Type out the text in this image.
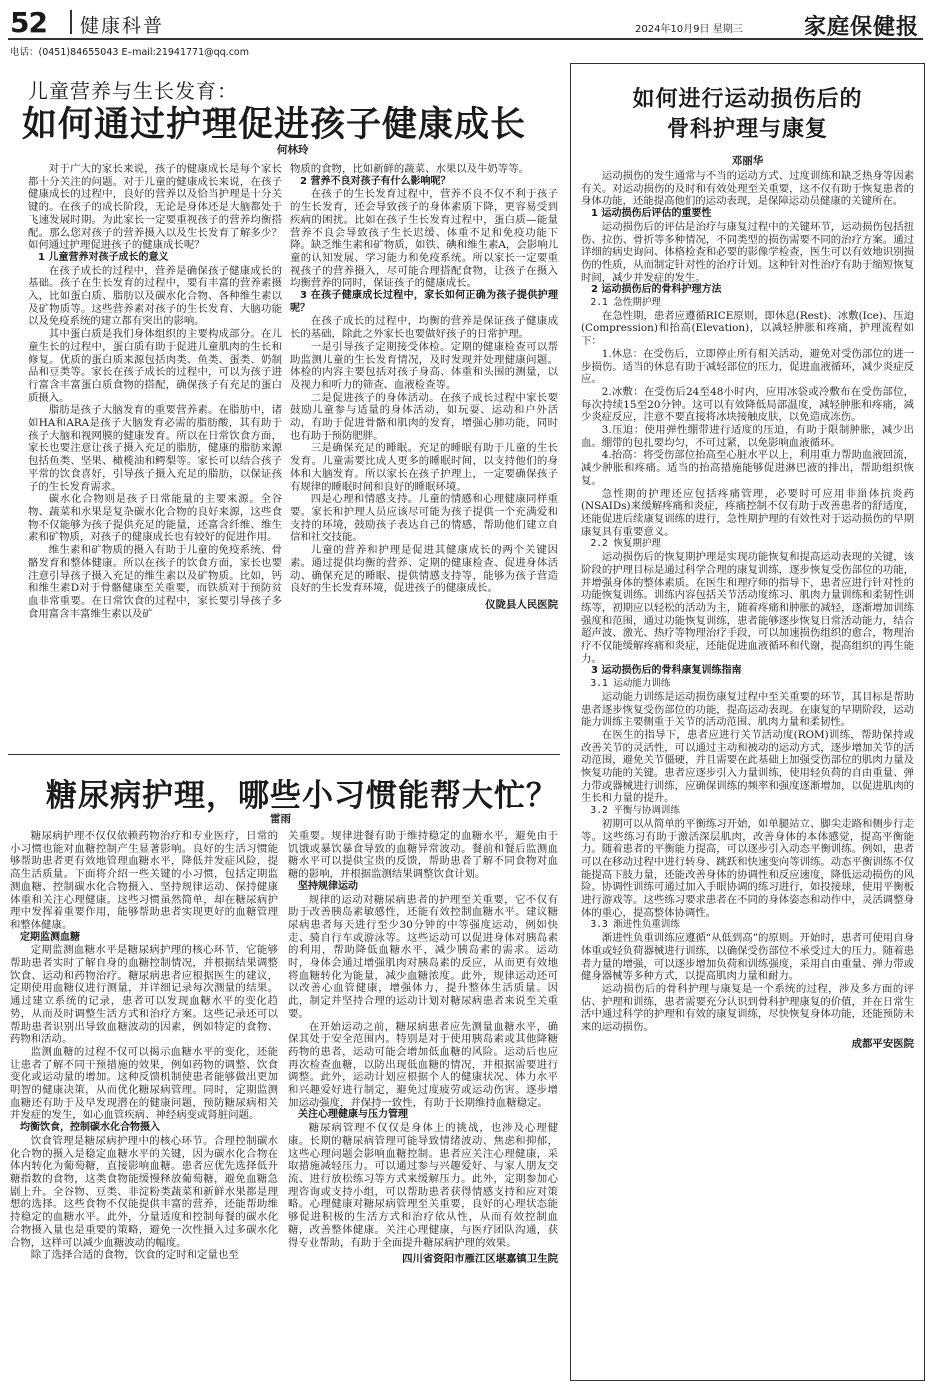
52 健康科普	2024年10月9日 星期三	家庭保健报
电话：(0451)84655043 E–mail:21941771@qq.com
儿童营养与生长发育：
如何通过护理促进孩子健康成长
何林玲

对于广大的家长来说，孩子的健康成长是每个家长都十分关注的问题。对于儿童的健康成长来说，在孩子健康成长的过程中，良好的营养以及恰当护理是十分关键的。在孩子的成长阶段，无论是身体还是大脑都处于飞速发展时期。为此家长一定要重视孩子的营养均衡搭配。那么您对孩子的营养摄入以及生长发育了解多少？如何通过护理促进孩子的健康成长呢？

1 儿童营养对孩子成长的意义

在孩子成长的过程中，营养是确保孩子健康成长的基础。孩子在生长发育的过程中，要有丰富的营养素摄入，比如蛋白质、脂肪以及碳水化合物、各种维生素以及矿物质等。这些营养素对孩子的生长发育、大脑功能以及免疫系统的建立都有突出的影响。

其中蛋白质是我们身体组织的主要构成部分。在儿童生长的过程中，蛋白质有助于促进儿童肌肉的生长和修复。优质的蛋白质来源包括肉类、鱼类、蛋类、奶制品和豆类等。家长在孩子成长的过程中，可以为孩子进行富含丰富蛋白质食物的搭配，确保孩子有充足的蛋白质摄入。

脂肪是孩子大脑发育的重要营养素。在脂肪中，诸如HA和ARA是孩子大脑发育必需的脂肪酸，其有助于孩子大脑和视网膜的健康发育。所以在日常饮食方面，家长也要注意让孩子摄入充足的脂肪，健康的脂肪来源包括鱼类、坚果、橄榄油和鳄梨等。家长可以结合孩子平常的饮食喜好，引导孩子摄入充足的脂肪，以保证孩子的生长发育需求。

碳水化合物则是孩子日常能量的主要来源。全谷物、蔬菜和水果是复杂碳水化合物的良好来源，这些食物不仅能够为孩子提供充足的能量，还富含纤维、维生素和矿物质，对孩子的健康成长也有较好的促进作用。

维生素和矿物质的摄入有助于儿童的免疫系统、骨骼发育和整体健康。所以在孩子的饮食方面，家长也要注意引导孩子摄入充足的维生素以及矿物质。比如，钙和维生素D对于骨骼健康至关重要，而铁质对于预防贫血非常重要。在日常饮食的过程中，家长要引导孩子多食用富含丰富维生素以及矿

物质的食物，比如新鲜的蔬菜、水果以及牛奶等等。

2 营养不良对孩子有什么影响呢？

在孩子的生长发育过程中，营养不良不仅不利于孩子的生长发育，还会导致孩子的身体素质下降，更容易受到疾病的困扰。比如在孩子生长发育过程中，蛋白质—能量营养不良会导致孩子生长迟缓、体重不足和免疫功能下降。缺乏维生素和矿物质，如铁、碘和维生素A，会影响儿童的认知发展、学习能力和免疫系统。所以家长一定要重视孩子的营养摄入，尽可能合理搭配食物，让孩子在摄入均衡营养的同时，保证孩子的健康成长。

3 在孩子健康成长过程中，家长如何正确为孩子提供护理呢？

在孩子成长的过程中，均衡的营养是保证孩子健康成长的基础，除此之外家长也要做好孩子的日常护理。

一是引导孩子定期接受体检。定期的健康检查可以帮助监测儿童的生长发育情况，及时发现并处理健康问题。体检的内容主要包括对孩子身高、体重和头围的测量，以及视力和听力的筛查、血液检查等。

二是促进孩子的身体活动。在孩子成长过程中家长要鼓励儿童参与适量的身体活动，如玩耍、运动和户外活动，有助于促进骨骼和肌肉的发育，增强心肺功能，同时也有助于预防肥胖。

三是确保充足的睡眠。充足的睡眠有助于儿童的生长发育。儿童需要比成人更多的睡眠时间，以支持他们的身体和大脑发育。所以家长在孩子护理上，一定要确保孩子有规律的睡眠时间和良好的睡眠环境。

四是心理和情感支持。儿童的情感和心理健康同样重要。家长和护理人员应该尽可能为孩子提供一个充满爱和支持的环境，鼓励孩子表达自己的情感，帮助他们建立自信和社交技能。

儿童的营养和护理是促进其健康成长的两个关键因素。通过提供均衡的营养、定期的健康检查、促进身体活动、确保充足的睡眠、提供情感支持等，能够为孩子营造良好的生长发育环境，促进孩子的健康成长。

仪陇县人民医院

糖尿病护理，哪些小习惯能帮大忙？
雷雨

糖尿病护理不仅仅依赖药物治疗和专业医疗，日常的小习惯也能对血糖控制产生显著影响。良好的生活习惯能够帮助患者更有效地管理血糖水平，降低并发症风险，提高生活质量。下面将介绍一些关键的小习惯，包括定期监测血糖、控制碳水化合物摄入、坚持规律运动、保持健康体重和关注心理健康。这些习惯虽然简单，却在糖尿病护理中发挥着重要作用，能够帮助患者实现更好的血糖管理和整体健康。

定期监测血糖

定期监测血糖水平是糖尿病护理的核心环节，它能够帮助患者实时了解自身的血糖控制情况，并根据结果调整饮食、运动和药物治疗。糖尿病患者应根据医生的建议，定期使用血糖仪进行测量，并详细记录每次测量的结果。通过建立系统的记录，患者可以发现血糖水平的变化趋势，从而及时调整生活方式和治疗方案。这些记录还可以帮助患者识别出导致血糖波动的因素，例如特定的食物、药物和活动。

监测血糖的过程不仅可以揭示血糖水平的变化，还能让患者了解不同干预措施的效果，例如药物的调整、饮食变化或运动量的增加。这种反馈机制使患者能够做出更加明智的健康决策，从而优化糖尿病管理。同时，定期监测血糖还有助于及早发现潜在的健康问题，预防糖尿病相关并发症的发生，如心血管疾病、神经病变或肾脏问题。

均衡饮食，控制碳水化合物摄入

饮食管理是糖尿病护理中的核心环节。合理控制碳水化合物的摄入是稳定血糖水平的关键，因为碳水化合物在体内转化为葡萄糖，直接影响血糖。患者应优先选择低升糖指数的食物，这类食物能缓慢释放葡萄糖，避免血糖急剧上升。全谷物、豆类、非淀粉类蔬菜和新鲜水果都是理想的选择。这些食物不仅能提供丰富的营养，还能帮助维持稳定的血糖水平。此外，分量适度和控制每餐的碳水化合物摄入量也是重要的策略，避免一次性摄入过多碳水化合物，这样可以减少血糖波动的幅度。

除了选择合适的食物，饮食的定时和定量也至

关重要。规律进餐有助于维持稳定的血糖水平，避免由于饥饿或暴饮暴食导致的血糖异常波动。餐前和餐后监测血糖水平可以提供宝贵的反馈，帮助患者了解不同食物对血糖的影响，并根据监测结果调整饮食计划。

坚持规律运动

规律的运动对糖尿病患者的护理至关重要，它不仅有助于改善胰岛素敏感性，还能有效控制血糖水平。建议糖尿病患者每天进行至少30分钟的中等强度运动，例如快走、骑自行车或游泳等。这些运动可以促进身体对胰岛素的利用，帮助降低血糖水平，减少胰岛素的需求。运动时，身体会通过增强肌肉对胰岛素的反应，从而更有效地将血糖转化为能量，减少血糖浓度。此外，规律运动还可以改善心血管健康，增强体力，提升整体生活质量。因此，制定并坚持合理的运动计划对糖尿病患者来说至关重要。

在开始运动之前，糖尿病患者应先测量血糖水平，确保其处于安全范围内。特别是对于使用胰岛素或其他降糖药物的患者，运动可能会增加低血糖的风险。运动后也应再次检查血糖，以防出现低血糖的情况，并根据需要进行调整。此外，运动计划应根据个人的健康状况、体力水平和兴趣爱好进行制定，避免过度疲劳或运动伤害。逐步增加运动强度，并保持一致性，有助于长期维持血糖稳定。

关注心理健康与压力管理

糖尿病管理不仅仅是身体上的挑战，也涉及心理健康。长期的糖尿病管理可能导致情绪波动、焦虑和抑郁，这些心理问题会影响血糖控制。患者应关注心理健康，采取措施减轻压力。可以通过参与兴趣爱好、与家人朋友交流、进行放松练习等方式来缓解压力。此外，定期参加心理咨询或支持小组，可以帮助患者获得情感支持和应对策略。心理健康对糖尿病管理至关重要，良好的心理状态能够促进积极的生活方式和治疗依从性，从而有效控制血糖，改善整体健康。关注心理健康，与医疗团队沟通，获得专业帮助，有助于全面提升糖尿病护理的效果。

四川省资阳市雁江区堪嘉镇卫生院

如何进行运动损伤后的
骨科护理与康复
邓丽华

运动损伤的发生通常与不当的运动方式、过度训练和缺乏热身等因素有关。对运动损伤的及时和有效处理至关重要，这不仅有助于恢复患者的身体功能，还能提高他们的运动表现，是保障运动员健康的关键所在。

1 运动损伤后评估的重要性

运动损伤后的评估是治疗与康复过程中的关键环节，运动损伤包括扭伤、拉伤、骨折等多种情况，不同类型的损伤需要不同的治疗方案。通过详细的病史询问、体格检查和必要的影像学检查，医生可以有效地识别损伤的性质，从而制定针对性的治疗计划。这种针对性治疗有助于缩短恢复时间，减少并发症的发生。

2 运动损伤后的骨科护理方法

2.1 急性期护理

在急性期，患者应遵循RICE原则，即休息(Rest)、冰敷(Ice)、压迫(Compression)和抬高(Elevation)，以减轻肿胀和疼痛，护理流程如下：

1.休息：在受伤后，立即停止所有相关活动，避免对受伤部位的进一步损伤。适当的休息有助于减轻部位的压力，促进血液循环，减少炎症反应。

2.冰敷：在受伤后24至48小时内，应用冰袋或冷敷布在受伤部位，每次持续15至20分钟。这可以有效降低局部温度，减轻肿胀和疼痛，减少炎症反应，注意不要直接将冰块接触皮肤，以免造成冻伤。

3.压迫：使用弹性绷带进行适度的压迫，有助于限制肿胀，减少出血。绷带的包扎要均匀，不可过紧，以免影响血液循环。

4.抬高：将受伤部位抬高至心脏水平以上，利用重力帮助血液回流，减少肿胀和疼痛。适当的抬高措施能够促进淋巴液的排出，帮助组织恢复。

急性期的护理还应包括疼痛管理，必要时可应用非甾体抗炎药(NSAIDs)来缓解疼痛和炎症，疼痛控制不仅有助于改善患者的舒适度，还能促进后续康复训练的进行，急性期护理的有效性对于运动损伤的早期康复具有重要意义。

2.2 恢复期护理

运动损伤后的恢复期护理是实现功能恢复和提高运动表现的关键，该阶段的护理目标是通过科学合理的康复训练，逐步恢复受伤部位的功能，并增强身体的整体素质。在医生和理疗师的指导下，患者应进行针对性的功能恢复训练。训练内容包括关节活动度练习、肌肉力量训练和柔韧性训练等，初期应以轻松的活动为主，随着疼痛和肿胀的减轻，逐渐增加训练强度和范围，通过功能恢复训练，患者能够逐步恢复日常活动能力，结合超声波、激光、热疗等物理治疗手段，可以加速损伤组织的愈合，物理治疗不仅能缓解疼痛和炎症，还能促进血液循环和代谢，提高组织的再生能力。

3 运动损伤后的骨科康复训练指南

3.1 运动能力训练

运动能力训练是运动损伤康复过程中至关重要的环节，其目标是帮助患者逐步恢复受伤部位的功能，提高运动表现。在康复的早期阶段，运动能力训练主要侧重于关节的活动范围、肌肉力量和柔韧性。

在医生的指导下，患者应进行关节活动度(ROM)训练，帮助保持或改善关节的灵活性，可以通过主动和被动的运动方式，逐步增加关节的活动范围，避免关节僵硬，并且需要在此基础上加强受伤部位的肌肉力量及恢复功能的关键。患者应逐步引入力量训练，使用轻负荷的自由重量、弹力带或器械进行训练，应确保训练的频率和强度逐渐增加，以促进肌肉的生长和力量的提升。

3.2 平衡与协调训练

初期可以从简单的平衡练习开始，如单腿站立、脚尖走路和侧步行走等。这些练习有助于激活深层肌肉，改善身体的本体感觉，提高平衡能力。随着患者的平衡能力提高，可以逐步引入动态平衡训练。例如，患者可以在移动过程中进行转身、跳跃和快速变向等训练。动态平衡训练不仅能提高下肢力量，还能改善身体的协调性和反应速度，降低运动损伤的风险。协调性训练可通过加入手眼协调的练习进行，如投接球，使用平衡板进行游戏等。这些练习要求患者在不同的身体姿态和动作中，灵活调整身体的重心，提高整体协调性。

3.3 渐进性负重训练

渐进性负重训练应遵循“从低到高”的原则。开始时，患者可使用自身体重或轻负荷器械进行训练，以确保受伤部位不承受过大的压力。随着患者力量的增强，可以逐步增加负荷和训练强度，采用自由重量、弹力带或健身器械等多种方式，以提高肌肉力量和耐力。

运动损伤后的骨科护理与康复是一个系统的过程，涉及多方面的评估、护理和训练，患者需要充分认识到骨科护理康复的价值，并在日常生活中通过科学的护理和有效的康复训练，尽快恢复身体功能，还能预防未来的运动损伤。

成都平安医院
